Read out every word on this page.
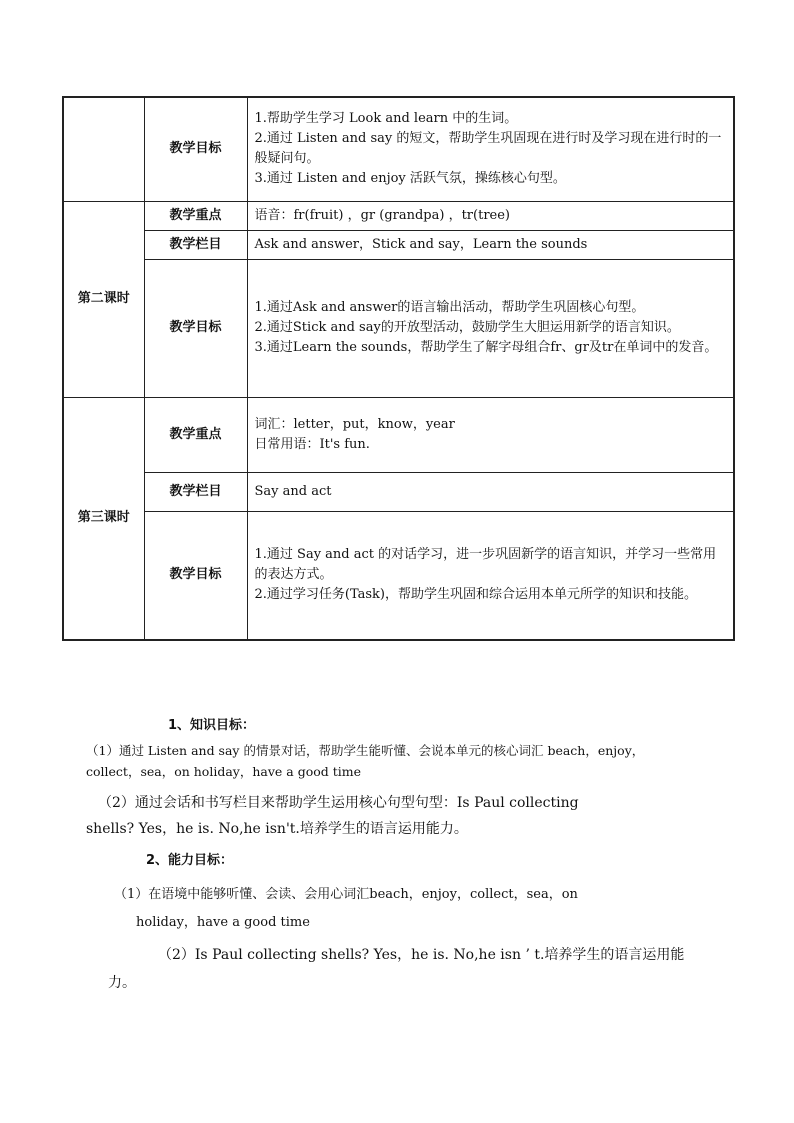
	教学目标	1.帮助学生学习 Look and learn 中的生词。

2.通过 Listen and say 的短文，帮助学生巩固现在进行时及学习现在进行时的一般疑问句。

3.通过 Listen and enjoy 活跃气氛，操练核心句型。

第二课时	教学重点	语音：fr(fruit) ，gr (grandpa) ，tr(tree)

	教学栏目	Ask and answer，Stick and say，Learn the sounds

	教学目标	1.通过Ask and answer的语言输出活动，帮助学生巩固核心句型。

2.通过Stick and say的开放型活动，鼓励学生大胆运用新学的语言知识。

3.通过Learn the sounds，帮助学生了解字母组合fr、gr及tr在单词中的发音。

第三课时	教学重点	词汇：letter，put，know，year

日常用语：It's fun.

	教学栏目	Say and act

	教学目标	1.通过 Say and act 的对话学习，进一步巩固新学的语言知识，并学习一些常用的表达方式。

2.通过学习任务(Task)，帮助学生巩固和综合运用本单元所学的知识和技能。

1、知识目标：

（1）通过 Listen and say 的情景对话，帮助学生能听懂、会说本单元的核心词汇 beach，enjoy，collect，sea，on holiday，have a good time

（2）通过会话和书写栏目来帮助学生运用核心句型句型：Is Paul collecting

shells? Yes，he is. No,he isn't.培养学生的语言运用能力。

2、能力目标：

（1）在语境中能够听懂、会读、会用心词汇beach，enjoy，collect，sea，on

holiday，have a good time

（2）Is Paul collecting shells? Yes，he is. No,he isn ’ t.培养学生的语言运用能

力。
